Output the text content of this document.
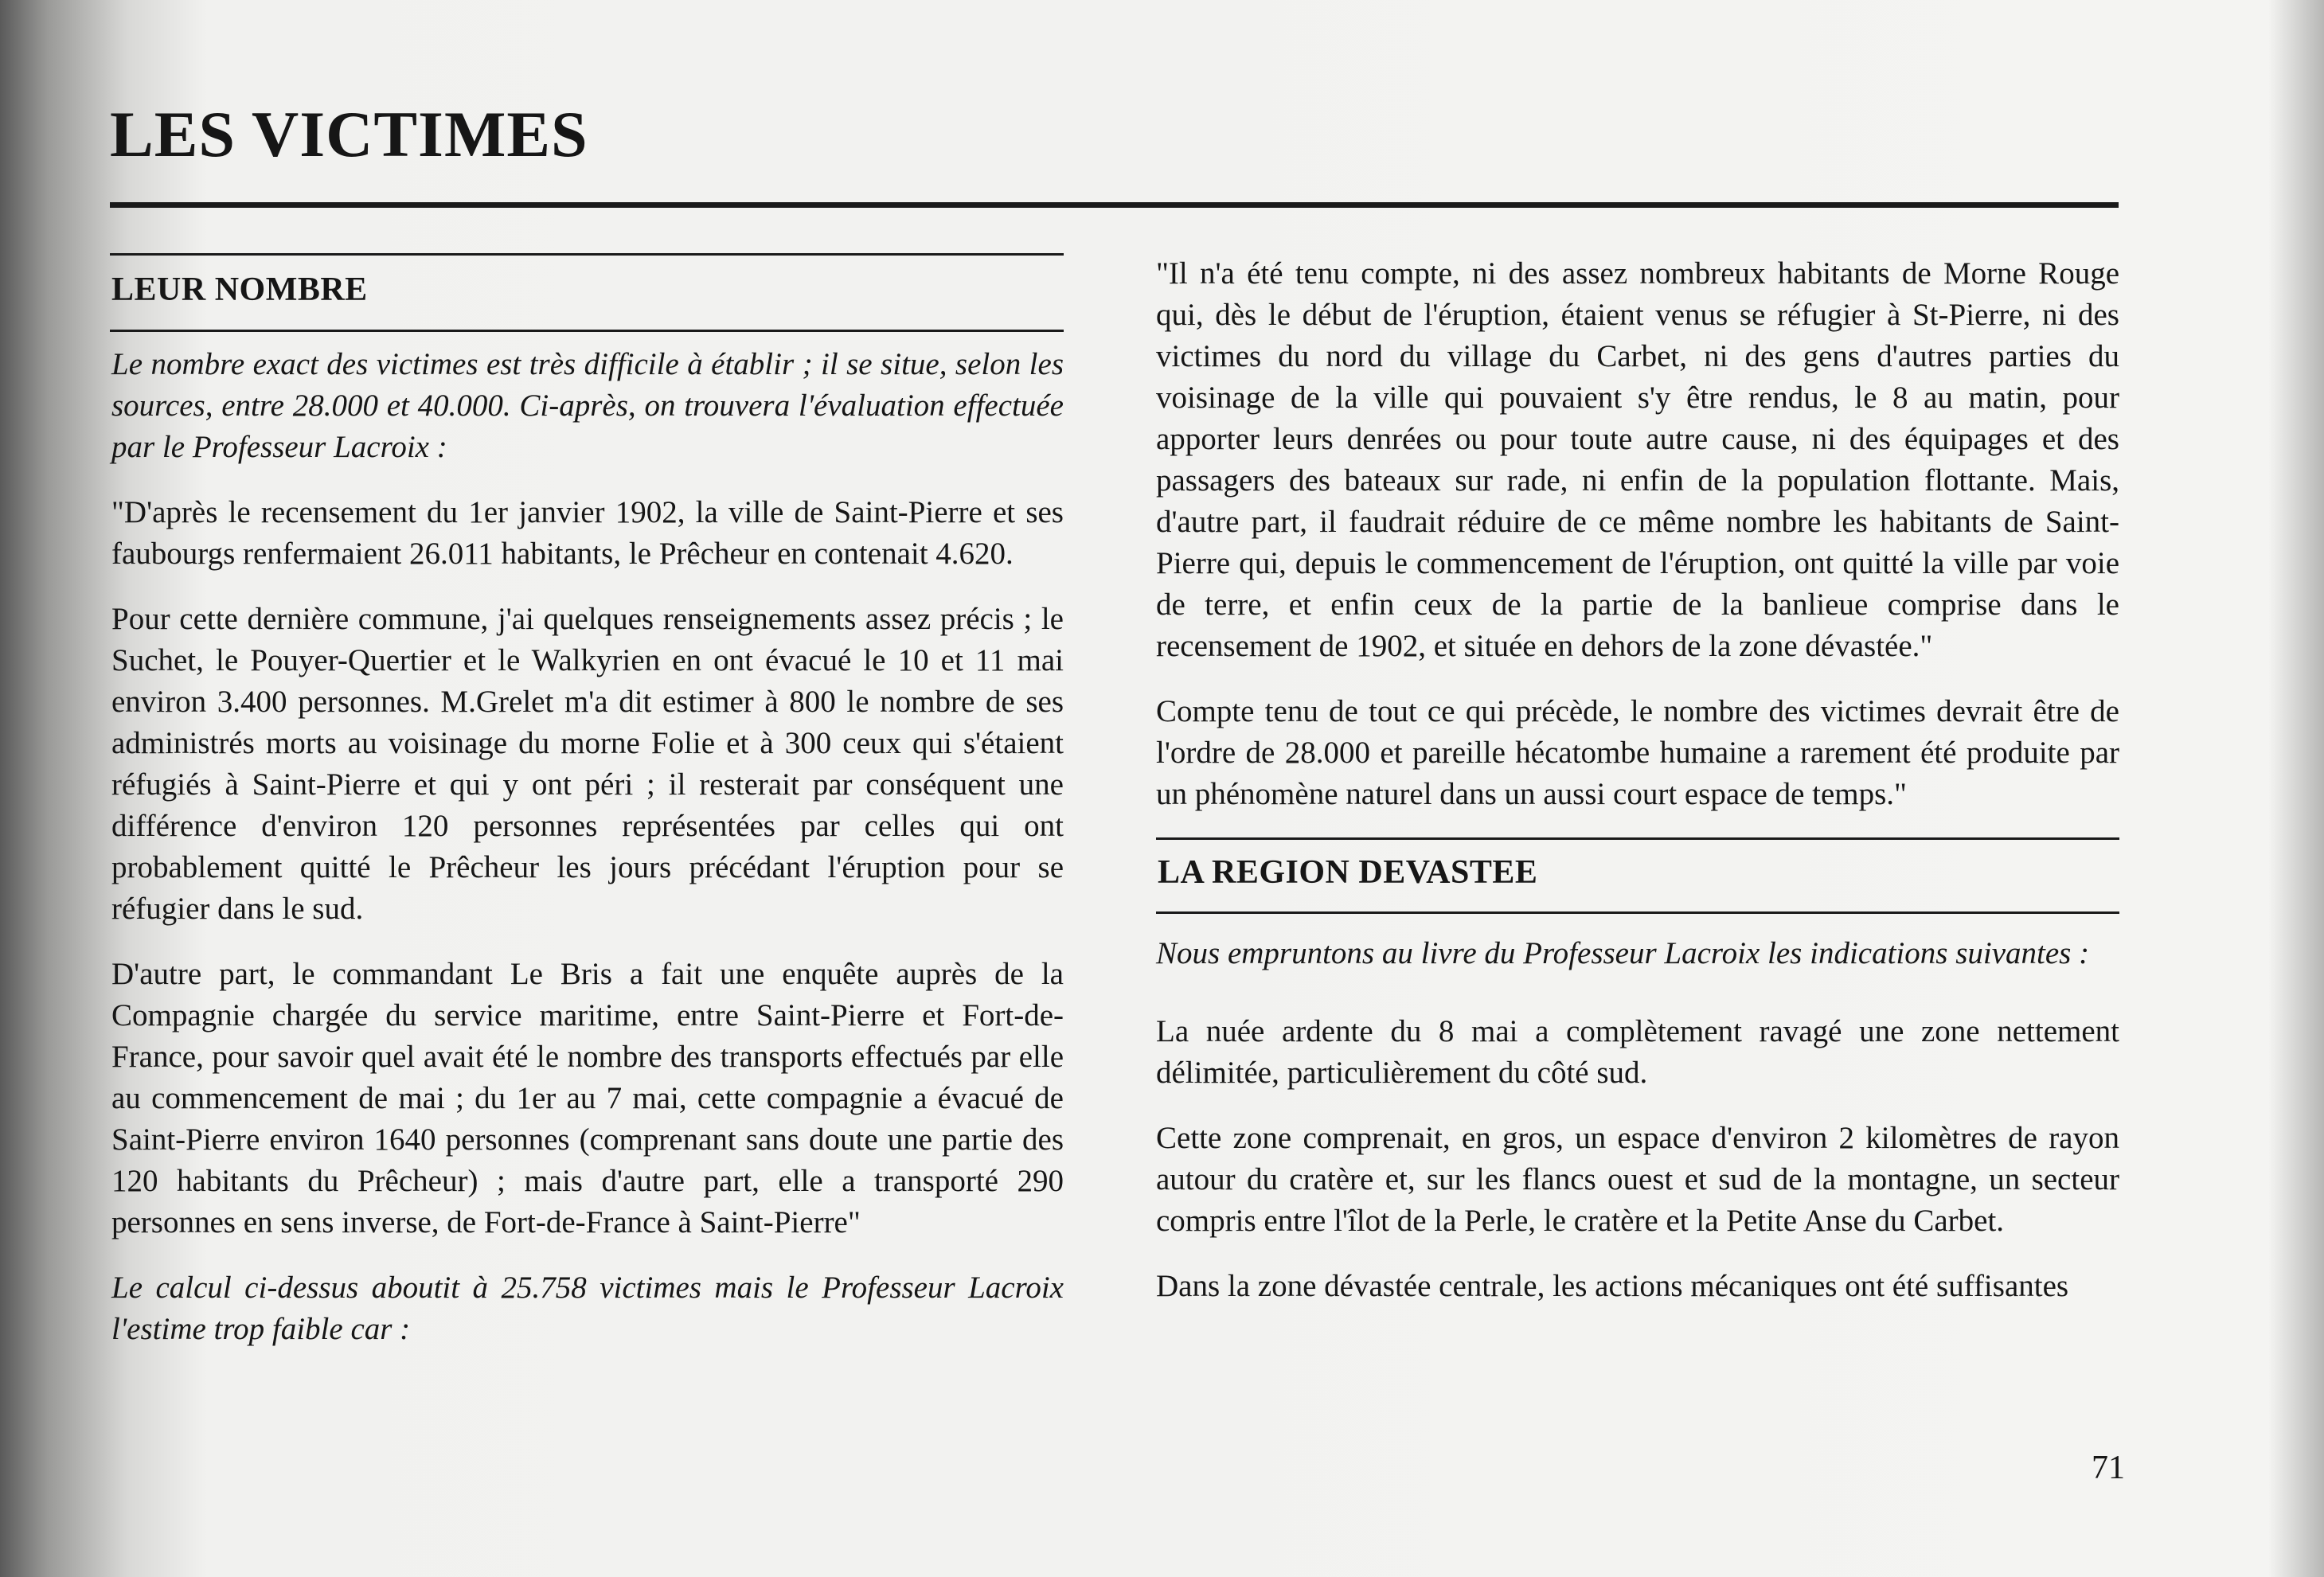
LES VICTIMES
LEUR NOMBRE

Le nombre exact des victimes est très difficile à établir ; il se situe, selon les sources, entre 28.000 et 40.000. Ci-après, on trouvera l'évaluation effectuée par le Professeur Lacroix :

"D'après le recensement du 1er janvier 1902, la ville de Saint-Pierre et ses faubourgs renfermaient 26.011 habitants, le Prêcheur en contenait 4.620.

Pour cette dernière commune, j'ai quelques renseignements assez précis ; le Suchet, le Pouyer-Quertier et le Walkyrien en ont évacué le 10 et 11 mai environ 3.400 personnes. M.Grelet m'a dit estimer à 800 le nombre de ses administrés morts au voisinage du morne Folie et à 300 ceux qui s'étaient réfugiés à Saint-Pierre et qui y ont péri ; il resterait par conséquent une différence d'environ 120 personnes représentées par celles qui ont probablement quitté le Prêcheur les jours précédant l'éruption pour se réfugier dans le sud.

D'autre part, le commandant Le Bris a fait une enquête auprès de la Compagnie chargée du service maritime, entre Saint-Pierre et Fort-de-France, pour savoir quel avait été le nombre des transports effectués par elle au commencement de mai ; du 1er au 7 mai, cette compagnie a évacué de Saint-Pierre environ 1640 personnes (comprenant sans doute une partie des 120 habitants du Prêcheur) ; mais d'autre part, elle a transporté 290 personnes en sens inverse, de Fort-de-France à Saint-Pierre"

Le calcul ci-dessus aboutit à 25.758 victimes mais le Professeur Lacroix l'estime trop faible car :

"Il n'a été tenu compte, ni des assez nombreux habitants de Morne Rouge qui, dès le début de l'éruption, étaient venus se réfugier à St-Pierre, ni des victimes du nord du village du Carbet, ni des gens d'autres parties du voisinage de la ville qui pouvaient s'y être rendus, le 8 au matin, pour apporter leurs denrées ou pour toute autre cause, ni des équipages et des passagers des bateaux sur rade, ni enfin de la population flottante. Mais, d'autre part, il faudrait réduire de ce même nombre les habitants de Saint-Pierre qui, depuis le commencement de l'éruption, ont quitté la ville par voie de terre, et enfin ceux de la partie de la banlieue comprise dans le recensement de 1902, et située en dehors de la zone dévastée."

Compte tenu de tout ce qui précède, le nombre des victimes devrait être de l'ordre de 28.000 et pareille hécatombe humaine a rarement été produite par un phénomène naturel dans un aussi court espace de temps."

LA REGION DEVASTEE

Nous empruntons au livre du Professeur Lacroix les indications suivantes :

La nuée ardente du 8 mai a complètement ravagé une zone nettement délimitée, particulièrement du côté sud.

Cette zone comprenait, en gros, un espace d'environ 2 kilomètres de rayon autour du cratère et, sur les flancs ouest et sud de la montagne, un secteur compris entre l'îlot de la Perle, le cratère et la Petite Anse du Carbet.

Dans la zone dévastée centrale, les actions mécaniques ont été suffisantes

71
